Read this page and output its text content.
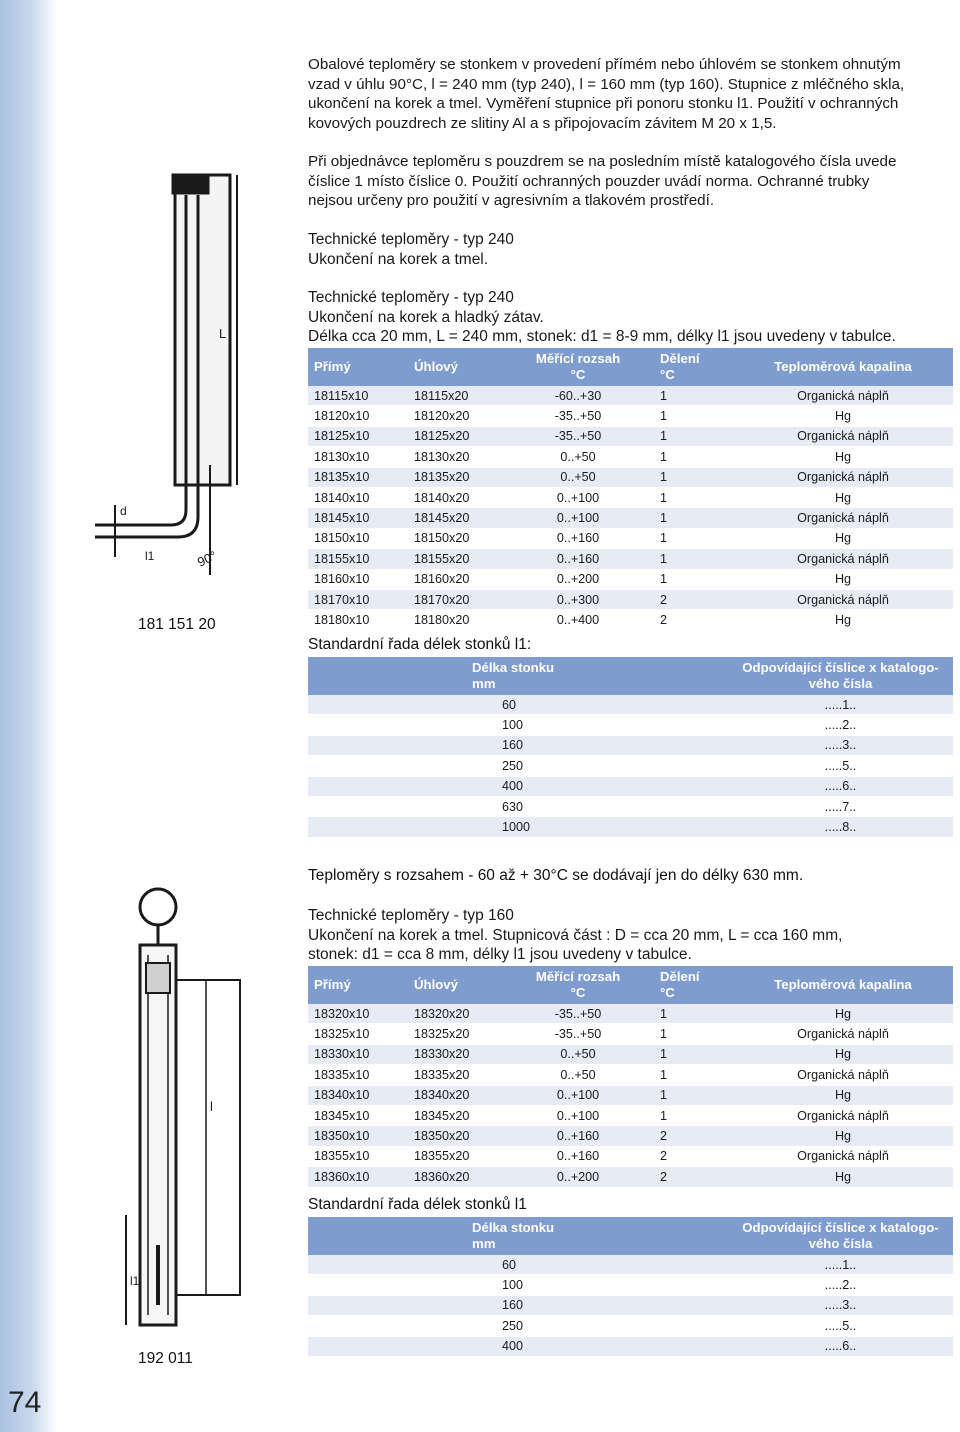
74
Obalové teploměry se stonkem v provedení přímém nebo úhlovém se stonkem ohnutým
vzad v úhlu 90°C, l = 240 mm (typ 240), l = 160 mm (typ 160). Stupnice z mléčného skla,
ukončení na korek a tmel. Vyměření stupnice při ponoru stonku l1. Použití v ochranných
kovových pouzdrech ze slitiny Al a s připojovacím závitem M 20 x 1,5.
Při objednávce teploměru s pouzdrem se na posledním místě katalogového čísla uvede
číslice 1 místo číslice 0. Použití ochranných pouzder uvádí norma. Ochranné trubky
nejsou určeny pro použití v agresivním a tlakovém prostředí.
Technické teploměry - typ 240
Ukončení na korek a tmel.
Technické teploměry - typ 240
Ukončení na korek a hladký zátav.
Délka cca 20 mm, L = 240 mm, stonek: d1 = 8-9 mm, délky l1 jsou uvedeny v tabulce.
L
d
l1	90°
181 151 20
Přímý	Úhlový	Měřící rozsah
°C	Dělení
°C	Teploměrová kapalina
18115x10	18115x20	-60..+30	1	Organická náplň
18120x10	18120x20	-35..+50	1	Hg
18125x10	18125x20	-35..+50	1	Organická náplň
18130x10	18130x20	0..+50	1	Hg
18135x10	18135x20	0..+50	1	Organická náplň
18140x10	18140x20	0..+100	1	Hg
18145x10	18145x20	0..+100	1	Organická náplň
18150x10	18150x20	0..+160	1	Hg
18155x10	18155x20	0..+160	1	Organická náplň
18160x10	18160x20	0..+200	1	Hg
18170x10	18170x20	0..+300	2	Organická náplň
18180x10	18180x20	0..+400	2	Hg
Standardní řada délek stonků l1:
Délka stonku
mm	Odpovídající číslice x katalogo-
vého čísla
60	.....1..
100	.....2..
160	.....3..
250	.....5..
400	.....6..
630	.....7..
1000	.....8..
Teploměry s rozsahem - 60 až + 30°C se dodávají jen do délky 630 mm.
Technické teploměry - typ 160
Ukončení na korek a tmel. Stupnicová část : D = cca 20 mm, L = cca 160 mm,
stonek: d1 = cca 8 mm, délky l1 jsou uvedeny v tabulce.
l
l1
192 011
Přímý	Úhlový	Měřící rozsah
°C	Dělení
°C	Teploměrová kapalina
18320x10	18320x20	-35..+50	1	Hg
18325x10	18325x20	-35..+50	1	Organická náplň
18330x10	18330x20	0..+50	1	Hg
18335x10	18335x20	0..+50	1	Organická náplň
18340x10	18340x20	0..+100	1	Hg
18345x10	18345x20	0..+100	1	Organická náplň
18350x10	18350x20	0..+160	2	Hg
18355x10	18355x20	0..+160	2	Organická náplň
18360x10	18360x20	0..+200	2	Hg
Standardní řada délek stonků l1
Délka stonku
mm	Odpovídající číslice x katalogo-
vého čísla
60	.....1..
100	.....2..
160	.....3..
250	.....5..
400	.....6..
